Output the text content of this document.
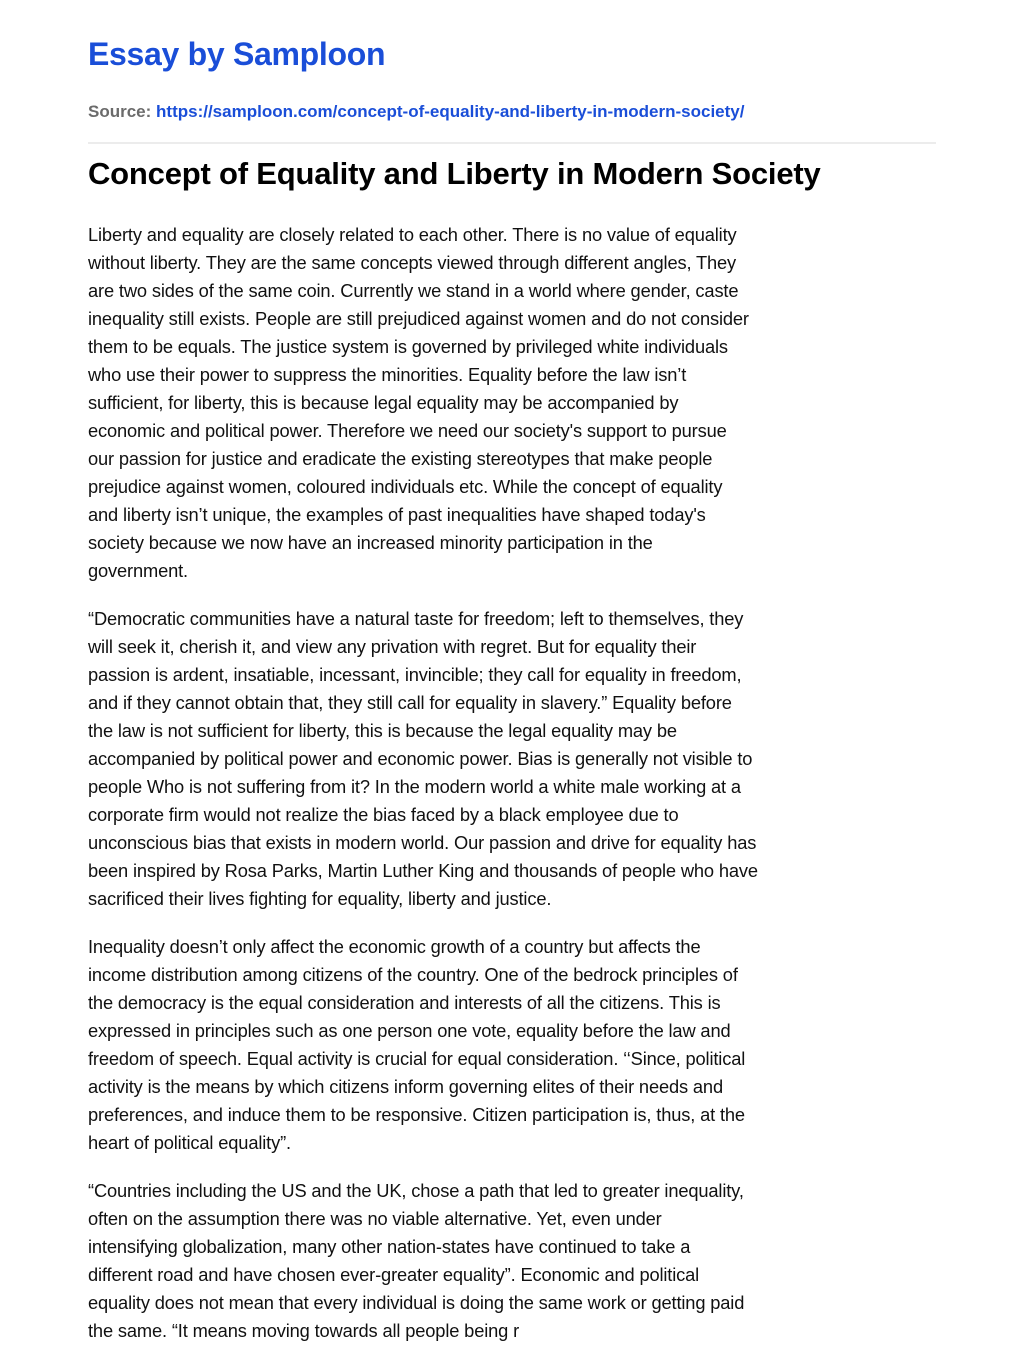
Essay by Samploon
Source: https://samploon.com/concept-of-equality-and-liberty-in-modern-society/
Concept of Equality and Liberty in Modern Society

Liberty and equality are closely related to each other. There is no value of equality
without liberty. They are the same concepts viewed through different angles, They
are two sides of the same coin. Currently we stand in a world where gender, caste
inequality still exists. People are still prejudiced against women and do not consider
them to be equals. The justice system is governed by privileged white individuals
who use their power to suppress the minorities. Equality before the law isn’t
sufficient, for liberty, this is because legal equality may be accompanied by
economic and political power. Therefore we need our society's support to pursue
our passion for justice and eradicate the existing stereotypes that make people
prejudice against women, coloured individuals etc. While the concept of equality
and liberty isn’t unique, the examples of past inequalities have shaped today's
society because we now have an increased minority participation in the
government.

“Democratic communities have a natural taste for freedom; left to themselves, they
will seek it, cherish it, and view any privation with regret. But for equality their
passion is ardent, insatiable, incessant, invincible; they call for equality in freedom,
and if they cannot obtain that, they still call for equality in slavery.” Equality before
the law is not sufficient for liberty, this is because the legal equality may be
accompanied by political power and economic power. Bias is generally not visible to
people Who is not suffering from it? In the modern world a white male working at a
corporate firm would not realize the bias faced by a black employee due to
unconscious bias that exists in modern world. Our passion and drive for equality has
been inspired by Rosa Parks, Martin Luther King and thousands of people who have
sacrificed their lives fighting for equality, liberty and justice.

Inequality doesn’t only affect the economic growth of a country but affects the
income distribution among citizens of the country. One of the bedrock principles of
the democracy is the equal consideration and interests of all the citizens. This is
expressed in principles such as one person one vote, equality before the law and
freedom of speech. Equal activity is crucial for equal consideration. ‘‘Since, political
activity is the means by which citizens inform governing elites of their needs and
preferences, and induce them to be responsive. Citizen participation is, thus, at the
heart of political equality”.

“Countries including the US and the UK, chose a path that led to greater inequality,
often on the assumption there was no viable alternative. Yet, even under
intensifying globalization, many other nation-states have continued to take a
different road and have chosen ever-greater equality”. Economic and political
equality does not mean that every individual is doing the same work or getting paid
the same. “It means moving towards all people being r
